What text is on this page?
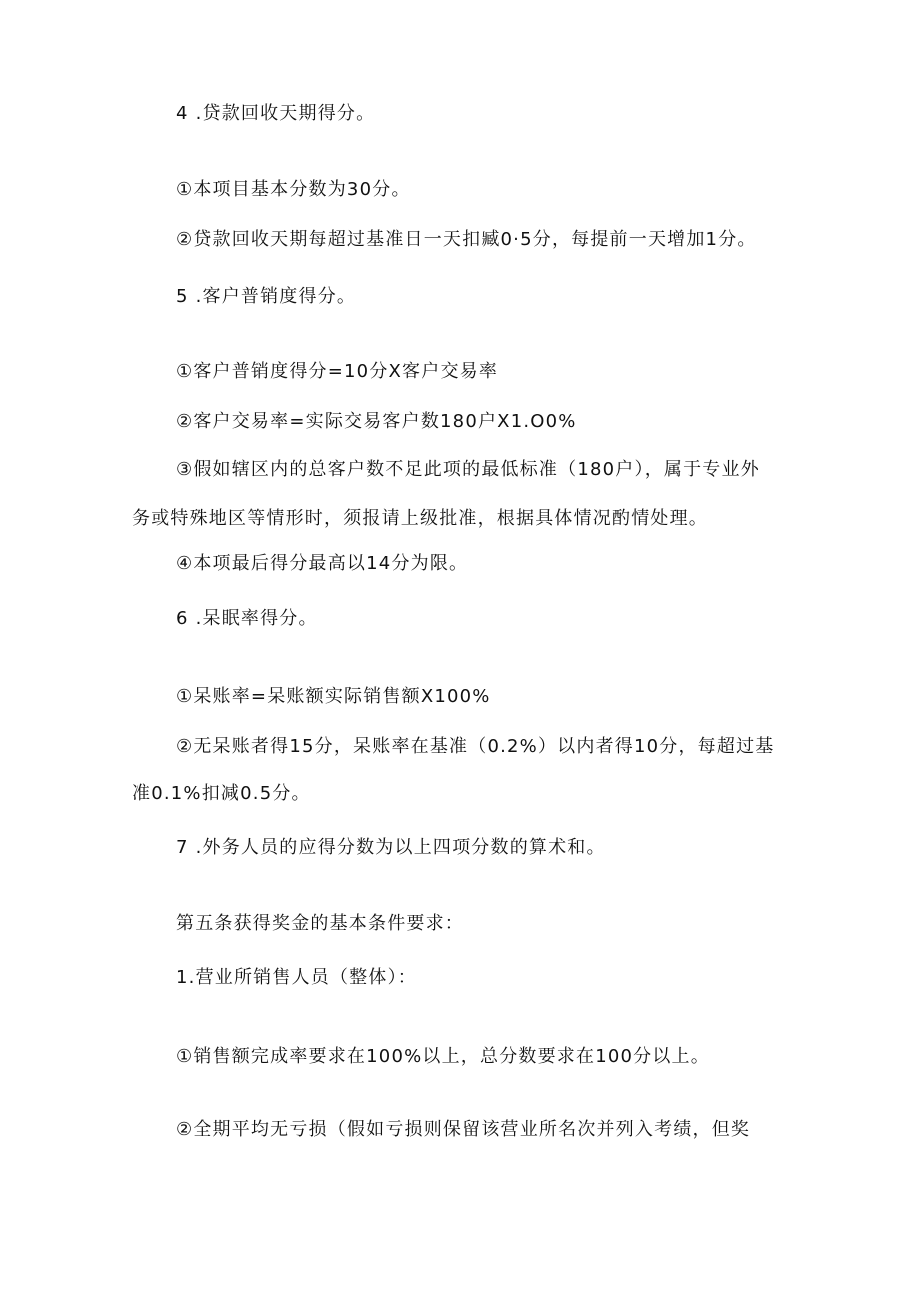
4 .贷款回收天期得分。

①本项目基本分数为30分。

②贷款回收天期每超过基准日一天扣臧0·5分，每提前一天增加1分。

5 .客户普销度得分。

①客户普销度得分=10分X客户交易率

②客户交易率=实际交易客户数180户X1.O0%

③假如辖区内的总客户数不足此项的最低标准（180户），属于专业外

务或特殊地区等情形时，须报请上级批准，根据具体情况酌情处理。

④本项最后得分最高以14分为限。

6 .呆眠率得分。

①呆账率=呆账额实际销售额X100%

②无呆账者得15分，呆账率在基准（0.2%）以内者得10分，每超过基

准0.1%扣减0.5分。

7 .外务人员的应得分数为以上四项分数的算术和。

第五条获得奖金的基本条件要求：

1.营业所销售人员（整体）：

①销售额完成率要求在100%以上，总分数要求在100分以上。

②全期平均无亏损（假如亏损则保留该营业所名次并列入考绩，但奖
